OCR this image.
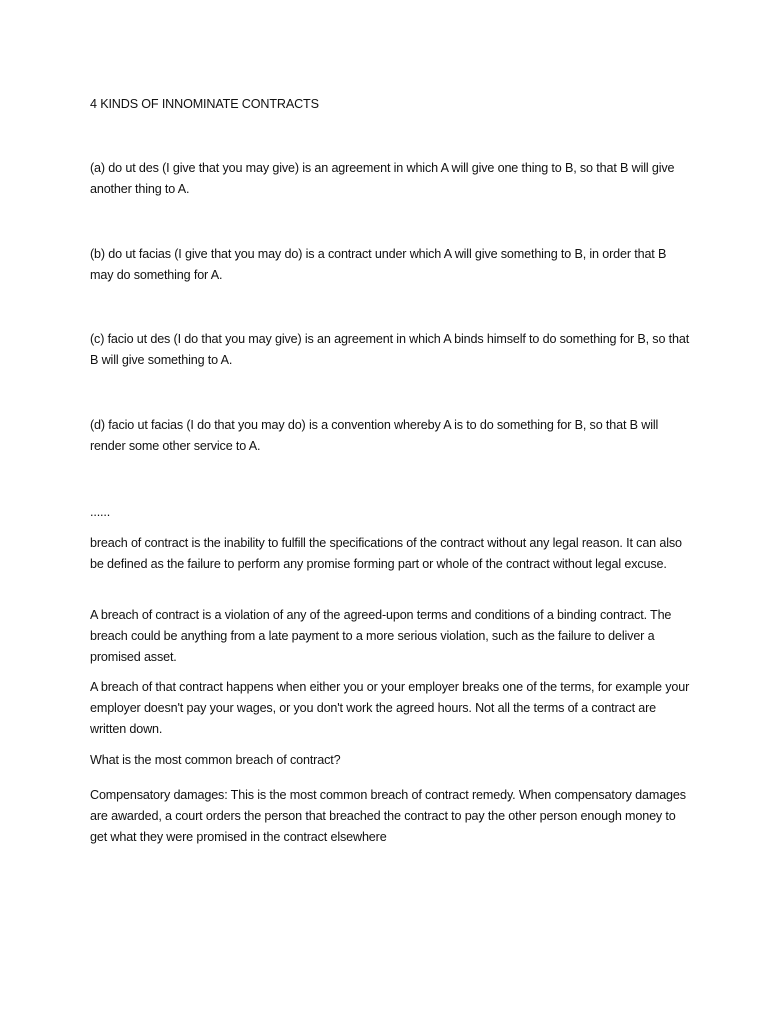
4 KINDS OF INNOMINATE CONTRACTS

(a) do ut des (I give that you may give) is an agreement in which A will give one thing to B, so that B will give another thing to A.

(b) do ut facias (I give that you may do) is a contract under which A will give something to B, in order that B may do something for A.

(c) facio ut des (I do that you may give) is an agreement in which A binds himself to do something for B, so that B will give something to A.

(d) facio ut facias (I do that you may do) is a convention whereby A is to do something for B, so that B will render some other service to A.

......

breach of contract is the inability to fulfill the specifications of the contract without any legal reason. It can also be defined as the failure to perform any promise forming part or whole of the contract without legal excuse.

A breach of contract is a violation of any of the agreed-upon terms and conditions of a binding contract. The breach could be anything from a late payment to a more serious violation, such as the failure to deliver a promised asset.

A breach of that contract happens when either you or your employer breaks one of the terms, for example your employer doesn't pay your wages, or you don't work the agreed hours. Not all the terms of a contract are written down.

What is the most common breach of contract?

Compensatory damages: This is the most common breach of contract remedy. When compensatory damages are awarded, a court orders the person that breached the contract to pay the other person enough money to get what they were promised in the contract elsewhere
